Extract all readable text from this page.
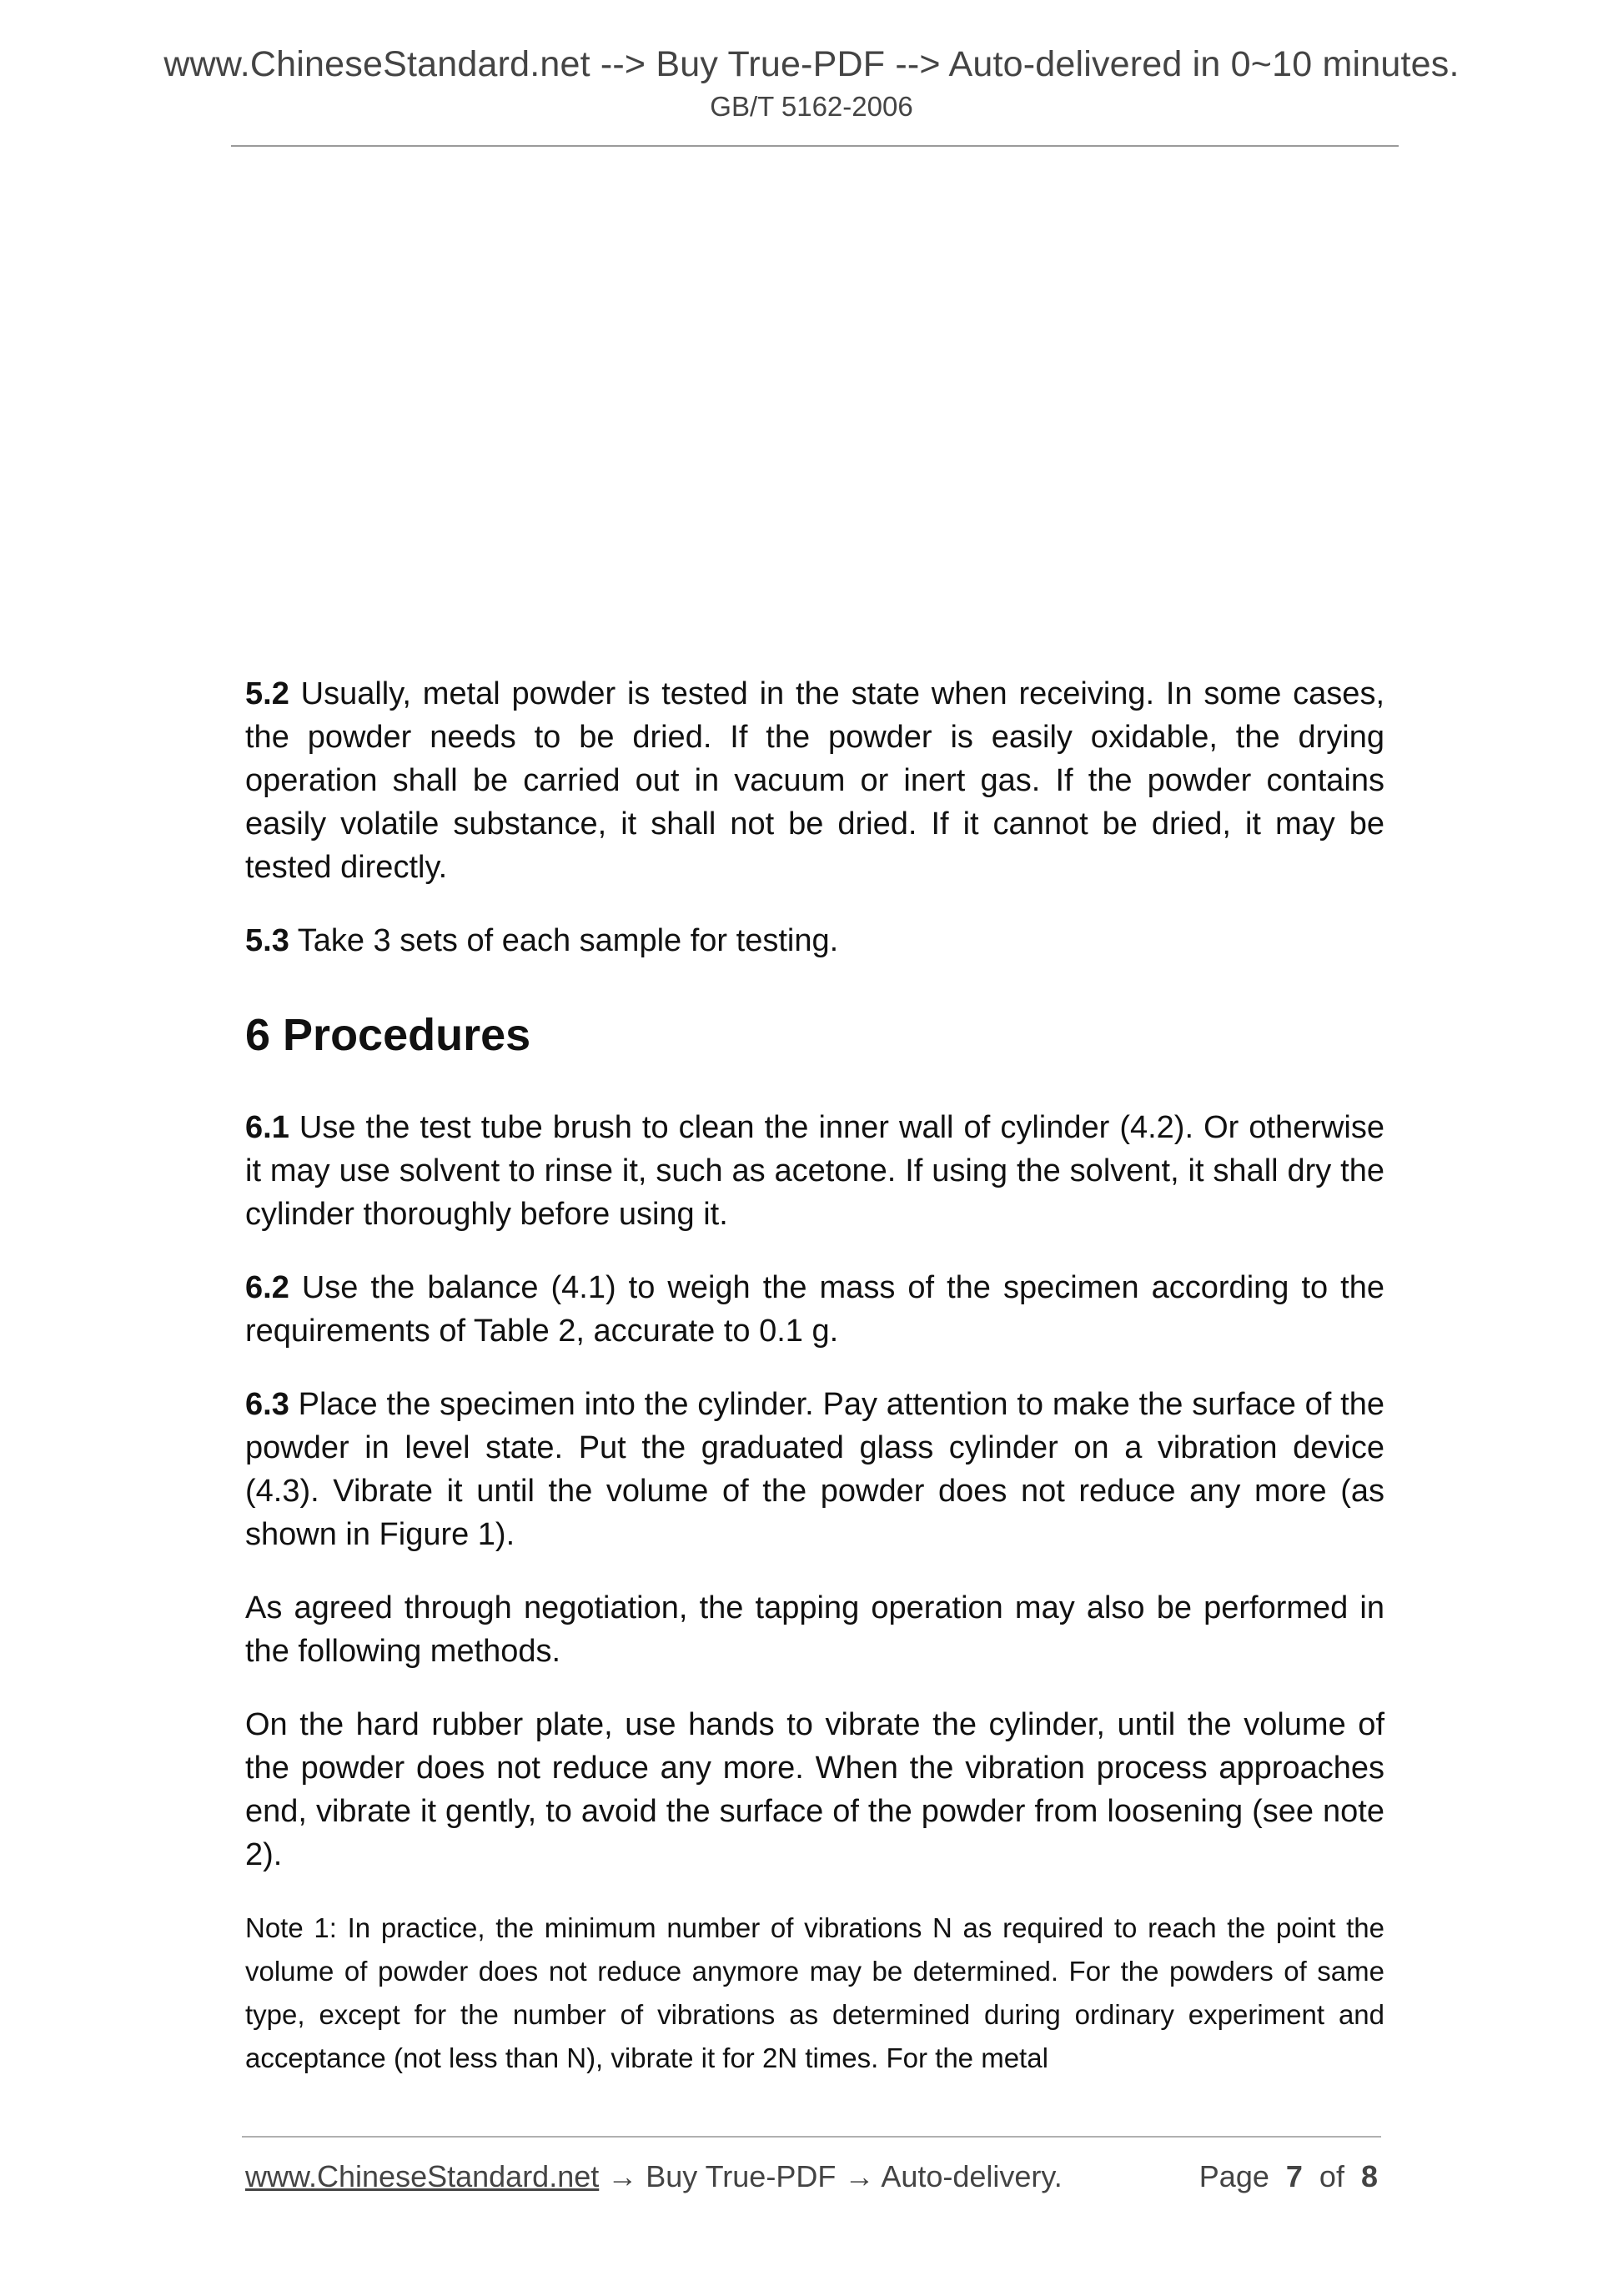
www.ChineseStandard.net --> Buy True-PDF --> Auto-delivered in 0~10 minutes.
GB/T 5162-2006

5.2 Usually, metal powder is tested in the state when receiving. In some cases, the powder needs to be dried. If the powder is easily oxidable, the drying operation shall be carried out in vacuum or inert gas. If the powder contains easily volatile substance, it shall not be dried. If it cannot be dried, it may be tested directly.

5.3 Take 3 sets of each sample for testing.

6 Procedures

6.1 Use the test tube brush to clean the inner wall of cylinder (4.2). Or otherwise it may use solvent to rinse it, such as acetone. If using the solvent, it shall dry the cylinder thoroughly before using it.

6.2 Use the balance (4.1) to weigh the mass of the specimen according to the requirements of Table 2, accurate to 0.1 g.

6.3 Place the specimen into the cylinder. Pay attention to make the surface of the powder in level state. Put the graduated glass cylinder on a vibration device (4.3). Vibrate it until the volume of the powder does not reduce any more (as shown in Figure 1).

As agreed through negotiation, the tapping operation may also be performed in the following methods.

On the hard rubber plate, use hands to vibrate the cylinder, until the volume of the powder does not reduce any more. When the vibration process approaches end, vibrate it gently, to avoid the surface of the powder from loosening (see note 2).

Note 1: In practice, the minimum number of vibrations N as required to reach the point the volume of powder does not reduce anymore may be determined. For the powders of same type, except for the number of vibrations as determined during ordinary experiment and acceptance (not less than N), vibrate it for 2N times. For the metal

www.ChineseStandard.net → Buy True-PDF → Auto-delivery.	Page 7 of 8
